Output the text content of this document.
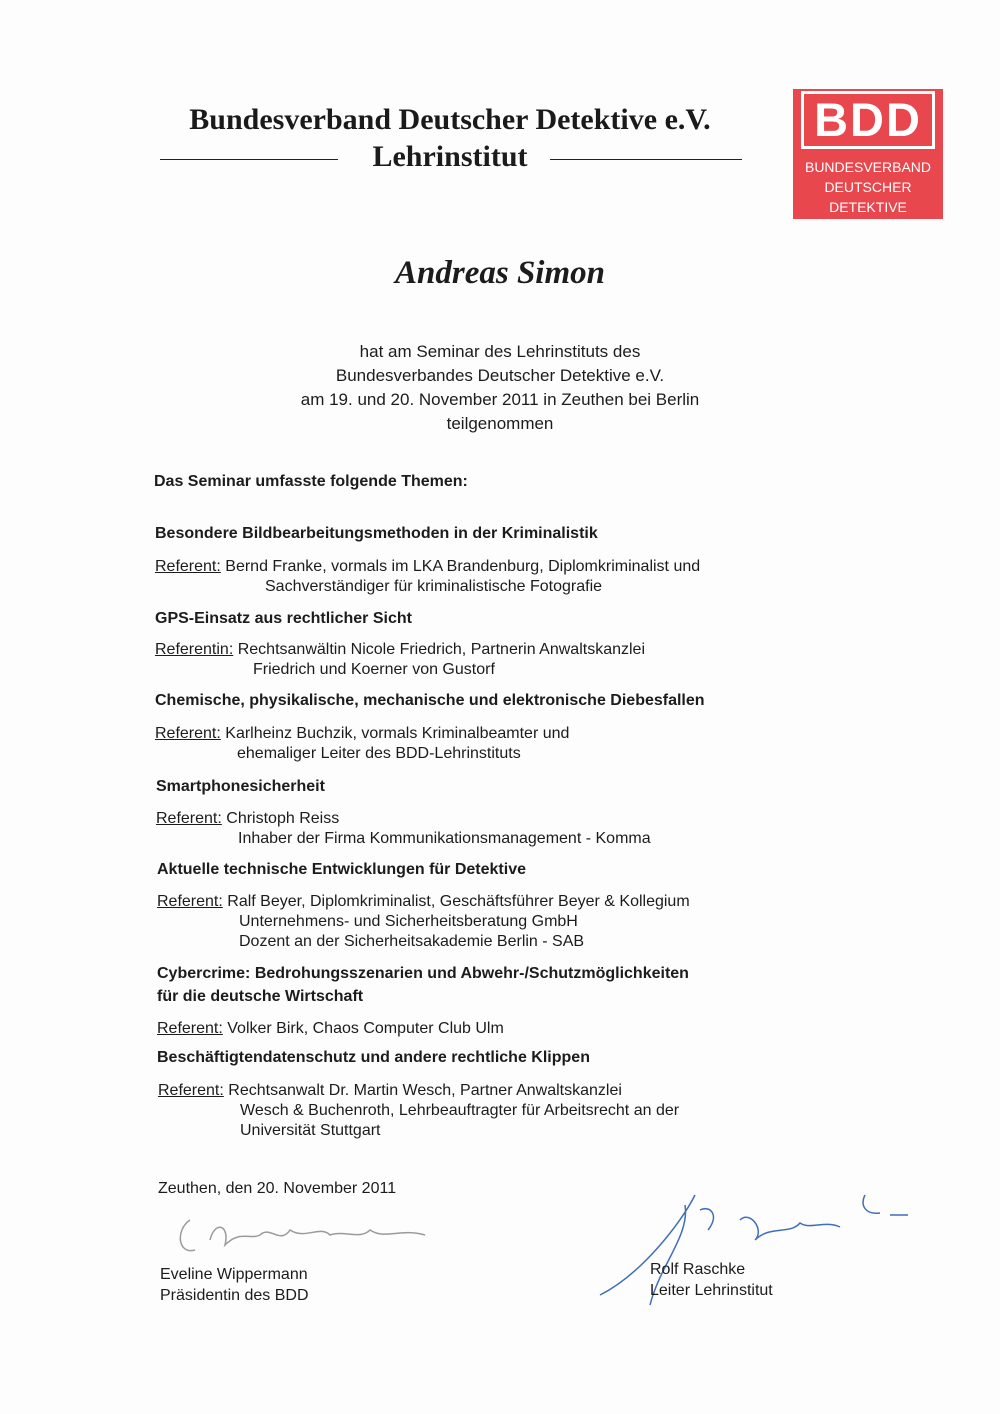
Bundesverband Deutscher Detektive e.V.
Lehrinstitut
BDD
BUNDESVERBAND
DEUTSCHER
DETEKTIVE
Andreas Simon
hat am Seminar des Lehrinstituts des
Bundesverbandes Deutscher Detektive e.V.
am 19. und 20. November 2011 in Zeuthen bei Berlin
teilgenommen
Das Seminar umfasste folgende Themen:
Besondere Bildbearbeitungsmethoden in der Kriminalistik
Referent: Bernd Franke, vormals im LKA Brandenburg, Diplomkriminalist und
Sachverständiger für kriminalistische Fotografie
GPS-Einsatz aus rechtlicher Sicht
Referentin: Rechtsanwältin Nicole Friedrich, Partnerin Anwaltskanzlei
Friedrich und Koerner von Gustorf
Chemische, physikalische, mechanische und elektronische Diebesfallen
Referent: Karlheinz Buchzik, vormals Kriminalbeamter und
ehemaliger Leiter des BDD-Lehrinstituts
Smartphonesicherheit
Referent: Christoph Reiss
Inhaber der Firma Kommunikationsmanagement - Komma
Aktuelle technische Entwicklungen für Detektive
Referent: Ralf Beyer, Diplomkriminalist, Geschäftsführer Beyer & Kollegium
Unternehmens- und Sicherheitsberatung GmbH
Dozent an der Sicherheitsakademie Berlin - SAB
Cybercrime: Bedrohungsszenarien und Abwehr-/Schutzmöglichkeiten
für die deutsche Wirtschaft
Referent: Volker Birk, Chaos Computer Club Ulm
Beschäftigtendatenschutz und andere rechtliche Klippen
Referent: Rechtsanwalt Dr. Martin Wesch, Partner Anwaltskanzlei
Wesch & Buchenroth, Lehrbeauftragter für Arbeitsrecht an der
Universität Stuttgart
Zeuthen, den 20. November 2011
Eveline Wippermann
Präsidentin des BDD
Rolf Raschke
Leiter Lehrinstitut
